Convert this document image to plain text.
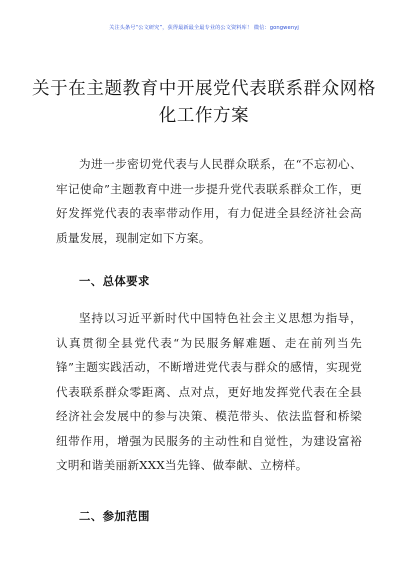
关注头条号“公文研究”，获得最新最全最专业的公文资料库！ 微信：gongwenyj
关于在主题教育中开展党代表联系群众网格化工作方案
为进一步密切党代表与人民群众联系，在“不忘初心、牢记使命”主题教育中进一步提升党代表联系群众工作，更好发挥党代表的表率带动作用，有力促进全县经济社会高质量发展，现制定如下方案。
一、总体要求
坚持以习近平新时代中国特色社会主义思想为指导，认真贯彻全县党代表“为民服务解难题、走在前列当先锋”主题实践活动，不断增进党代表与群众的感情，实现党代表联系群众零距离、点对点，更好地发挥党代表在全县经济社会发展中的参与决策、模范带头、依法监督和桥梁纽带作用，增强为民服务的主动性和自觉性，为建设富裕文明和谐美丽新XXX当先锋、做奉献、立榜样。
二、参加范围
